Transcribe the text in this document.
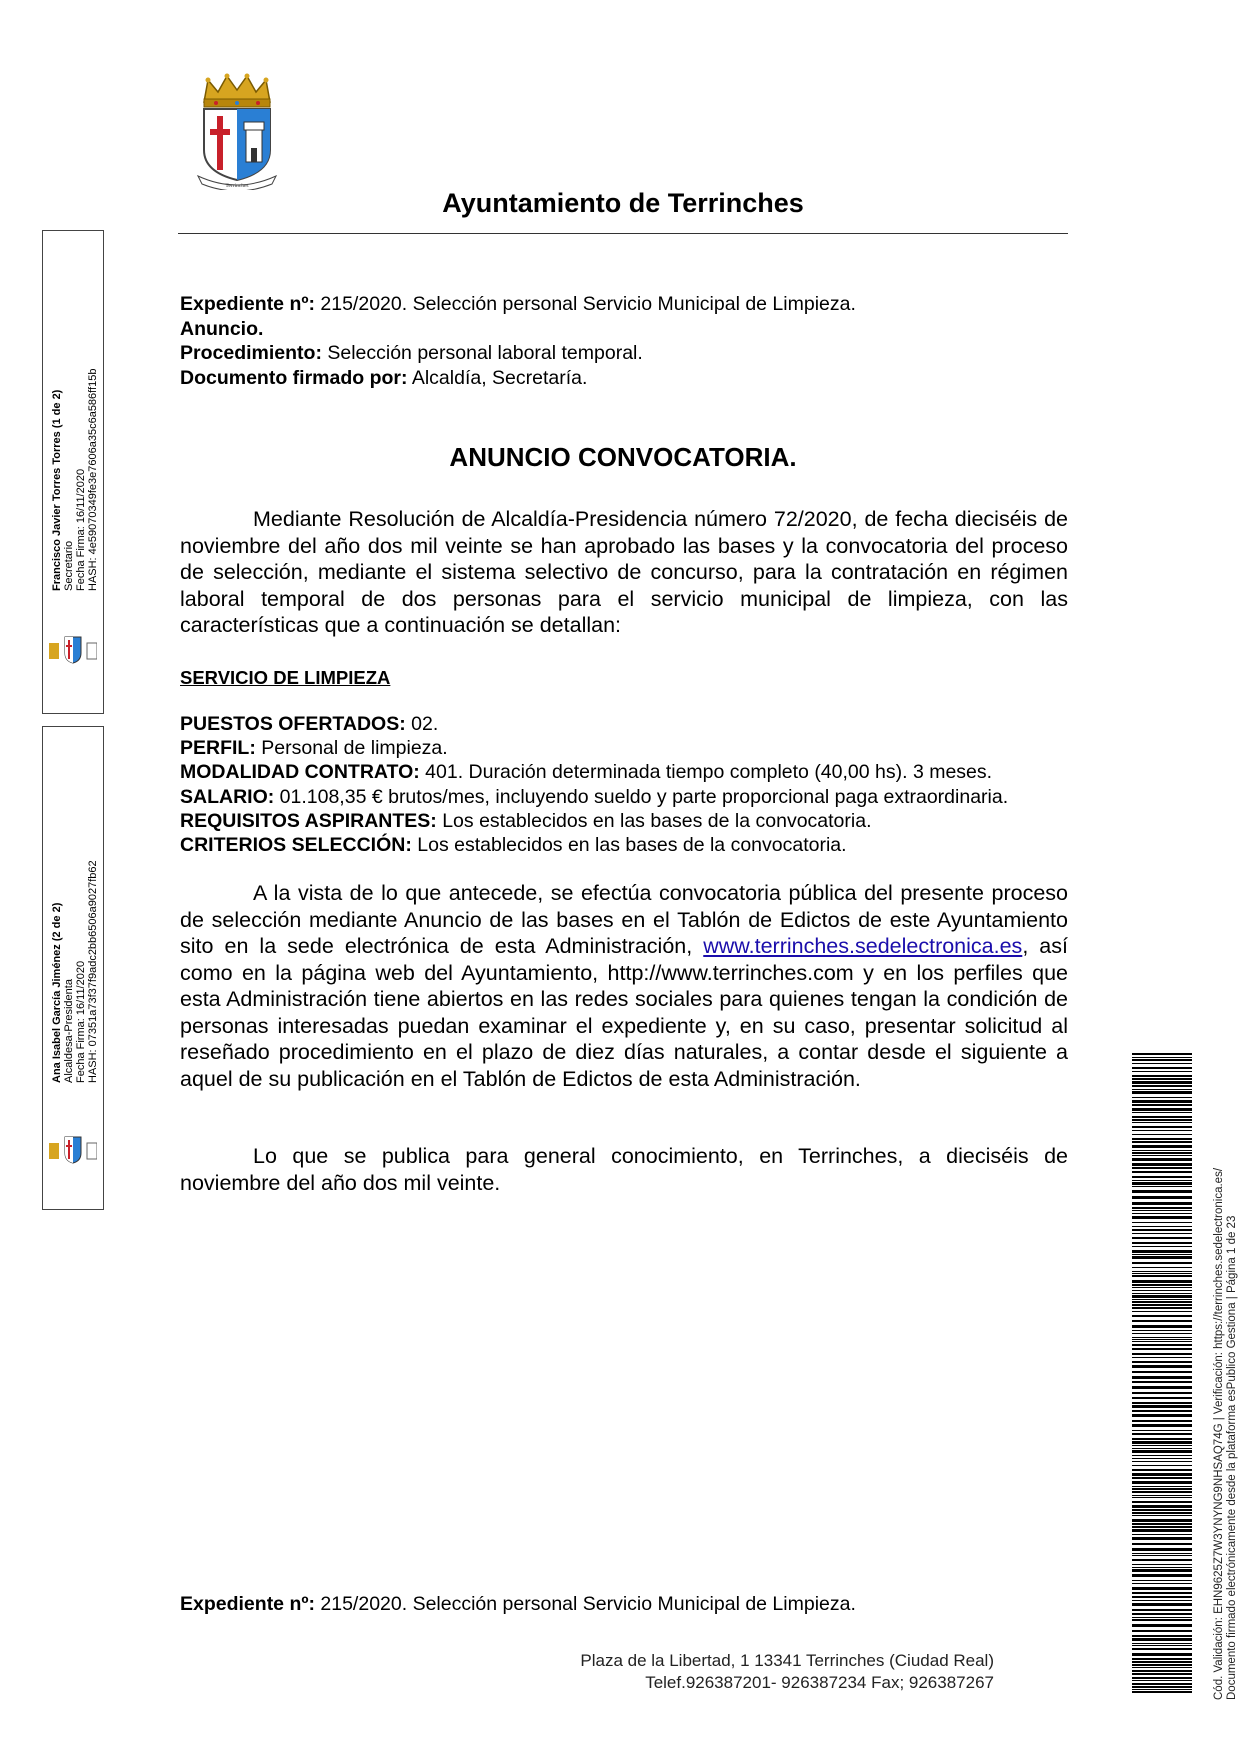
Terrinches
Ayuntamiento de Terrinches
Expediente nº: 215/2020. Selección personal Servicio Municipal de Limpieza.
Anuncio.
Procedimiento: Selección personal laboral temporal.
Documento firmado por: Alcaldía, Secretaría.
ANUNCIO CONVOCATORIA.
Mediante Resolución de Alcaldía-Presidencia número 72/2020, de fecha dieciséis de noviembre del año dos mil veinte se han aprobado las bases y la convocatoria del proceso de selección, mediante el sistema selectivo de concurso, para la contratación en régimen laboral temporal de dos personas para el servicio municipal de limpieza, con las características que a continuación se detallan:
SERVICIO DE LIMPIEZA
PUESTOS OFERTADOS: 02.
PERFIL: Personal de limpieza.
MODALIDAD CONTRATO: 401. Duración determinada tiempo completo (40,00 hs). 3 meses.
SALARIO: 01.108,35 € brutos/mes, incluyendo sueldo y parte proporcional paga extraordinaria.
REQUISITOS ASPIRANTES: Los establecidos en las bases de la convocatoria.
CRITERIOS SELECCIÓN: Los establecidos en las bases de la convocatoria.
A la vista de lo que antecede, se efectúa convocatoria pública del presente proceso de selección mediante Anuncio de las bases en el Tablón de Edictos de este Ayuntamiento sito en la sede electrónica de esta Administración, www.terrinches.sedelectronica.es, así como en la página web del Ayuntamiento, http://www.terrinches.com y en los perfiles que esta Administración tiene abiertos en las redes sociales para quienes tengan la condición de personas interesadas puedan examinar el expediente y, en su caso, presentar solicitud al reseñado procedimiento en el plazo de diez días naturales, a contar desde el siguiente a aquel de su publicación en el Tablón de Edictos de esta Administración.
Lo que se publica para general conocimiento, en Terrinches, a dieciséis de noviembre del año dos mil veinte.
Expediente nº: 215/2020. Selección personal Servicio Municipal de Limpieza.
Plaza de la Libertad, 1 13341 Terrinches (Ciudad Real)
Telef.926387201- 926387234 Fax; 926387267
Francisco Javier Torres Torres (1 de 2) Secretario Fecha Firma: 16/11/2020 HASH: 4e59070349fe3e7606a35c6a586ff15b
Ana Isabel García Jiménez (2 de 2) Alcaldesa-Presidenta Fecha Firma: 16/11/2020 HASH: 07351a73f37f9adc2bb6506a9027fb62
Cód. Validación: EHN9625Z7W3YNYNG9NHSAQ74G | Verificación: https://terrinches.sedelectronica.es/ Documento firmado electrónicamente desde la plataforma esPublico Gestiona | Página 1 de 23
